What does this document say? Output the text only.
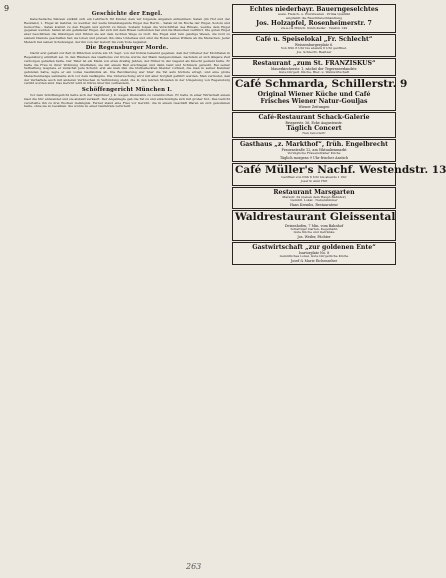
9
Geschichte der Engel.

Katechetische Skizzen erzählt sich ein Lehrbuch für Kinder, dem wir folgende Angaben entnehmen: Satan (im Hof und der Residenz) 1. Engel ist Gabriel, zu welcher der weite hinabsteigende Engel des Herrn... Satan ist im Buche der Engel, Sodom und Gomorrha... Satan kommt zu den Engeln und spricht zu ihnen. Sodann folgen die Vorschriften des Rituals, welche dem Engel gegeben werden. Satan ist ein gefallener Engel, der sich mit dem Bösen verbunden hat und die Menschen verführt. Die guten Engel aber beschützen die Gläubigen und führen sie auf dem rechten Wege zu Gott. Die Engel sind rein geistige Wesen, die Gott zu seinem Dienste geschaffen hat; sie loben und preisen ihn ohne Unterlass und sind die Boten seines Willens an die Menschen. Jeder Mensch hat seinen Schutzengel, der ihn von der Geburt bis zum Tode begleitet.

Die Regensburger Morde.

Nacht erst gehabt zur Zeit in München wurde am 18. Sept. von der Polizei bekannt gegeben, daß der Urheber der Mordtaten in Regensburg ermittelt sei. In den Räumen des Gasthofes zur Krone wurde der Mann festgenommen, nachdem er sich längere Zeit verborgen gehalten hatte. Der Täter ist ein Mann von etwa dreißig Jahren, der früher in der Gegend als Knecht gedient hatte. Er hatte die Frau in ihrer Wohnung überfallen, sie mit einem Beil erschlagen und dann Geld und Schmuck geraubt. Bei seiner Verhaftung leugnete er zunächst jede Schuld; erst als man ihm die blutbefleckten Kleider vorhielt, die man in seiner Kammer gefunden hatte, legte er ein volles Geständnis ab. Die Bevölkerung war über die Tat aufs höchste erregt, und eine große Menschenmenge sammelte sich vor dem Gefängnis. Die Untersuchung wird mit aller Sorgfalt geführt werden. Man vermutet, daß der Verhaftete auch mit anderen Verbrechen in Verbindung steht, die in den letzten Monaten in der Umgebung von Regensburg verübt worden sind. Das Gericht wird in Kürze über ihn verhandeln.

Schöffengericht München I.

Vor dem Schöffengericht hatte sich der Taglöhner J. K. wegen Diebstahls zu verantworten. Er hatte in einer Wirtschaft einem Gast die Uhr entwendet und sie alsbald verkauft. Der Angeklagte gab die Tat zu und entschuldigte sich mit großer Not. Das Gericht verurteilte ihn zu drei Wochen Gefängnis. Ferner stand eine Frau vor Gericht, die in einem Geschäft Waren an sich genommen hatte, ohne sie zu bezahlen. Sie wurde zu einer Geldstrafe verurteilt.

Echtes niederbayr. Bauerngeselchtes
ausw. Fleisch- u. Wurstwaren · Prima Qualität
empfiehlt die Rauchfleischhandlung
Jos. Holzapfel, Rosenheimerstr. 7
vis-à-vis Münch. Kindl-Keller · Telefon 149
Café u. Speiselokal „Fr. Schlecht“
Weissenburgerplatz 6.
Von früh 6 Uhr bis abends 6 Uhr geöffnet.
Jos. Schlecht, Besitzer
Restaurant „zum St. FRANZISKUS“
Mauerkircherstr. 1, nächst der Tegernseerlandstr.
Gute bürgerl. Küche, Bier- u. Weinwirtschaft
Café Schmarda, Schillerstr. 9
Original Wiener Küche und Café
Frisches Wiener Natur-Gouljas
Wiener Zeitungen
Café-Restaurant Schack-Galerie
Brienerstr. 36, Ecke Augustenstr.
Täglich Concert
Nen renoviert!
Gasthaus „z. Markthof“, früh. Engelbrecht
Frauenstraße 12, am Viktualienmarkt
Vorzügliche Frauenstraßer Küche
Täglich morgens 9 Uhr frischer Anstich
Café Müller's Nachf. Westendstr. 13
Geöffnet von früh 6 Uhr bis abends 1 Uhr
Josef & Anni Hirt
Restaurant Marsgarten
Marsstr. 34 (neben dem Haupt-Bahnhof)
Gemütl. Lokal · Nebenzimmer
Hans Krembs, Restaurateur
Waldrestaurant Gleissental
Deisenhofen, 7 Min. vom Bahnhof
Schattiger Garten, Kegelbahn
Gute Küche und Getränke
Jos. Weiler, Pächter
Gastwirtschaft „zur goldenen Ente“
Isartorplatz No. 8
Gemütliches Lokal. Gute bürgerliche Küche
Josef & Marie Eichenseher
263
